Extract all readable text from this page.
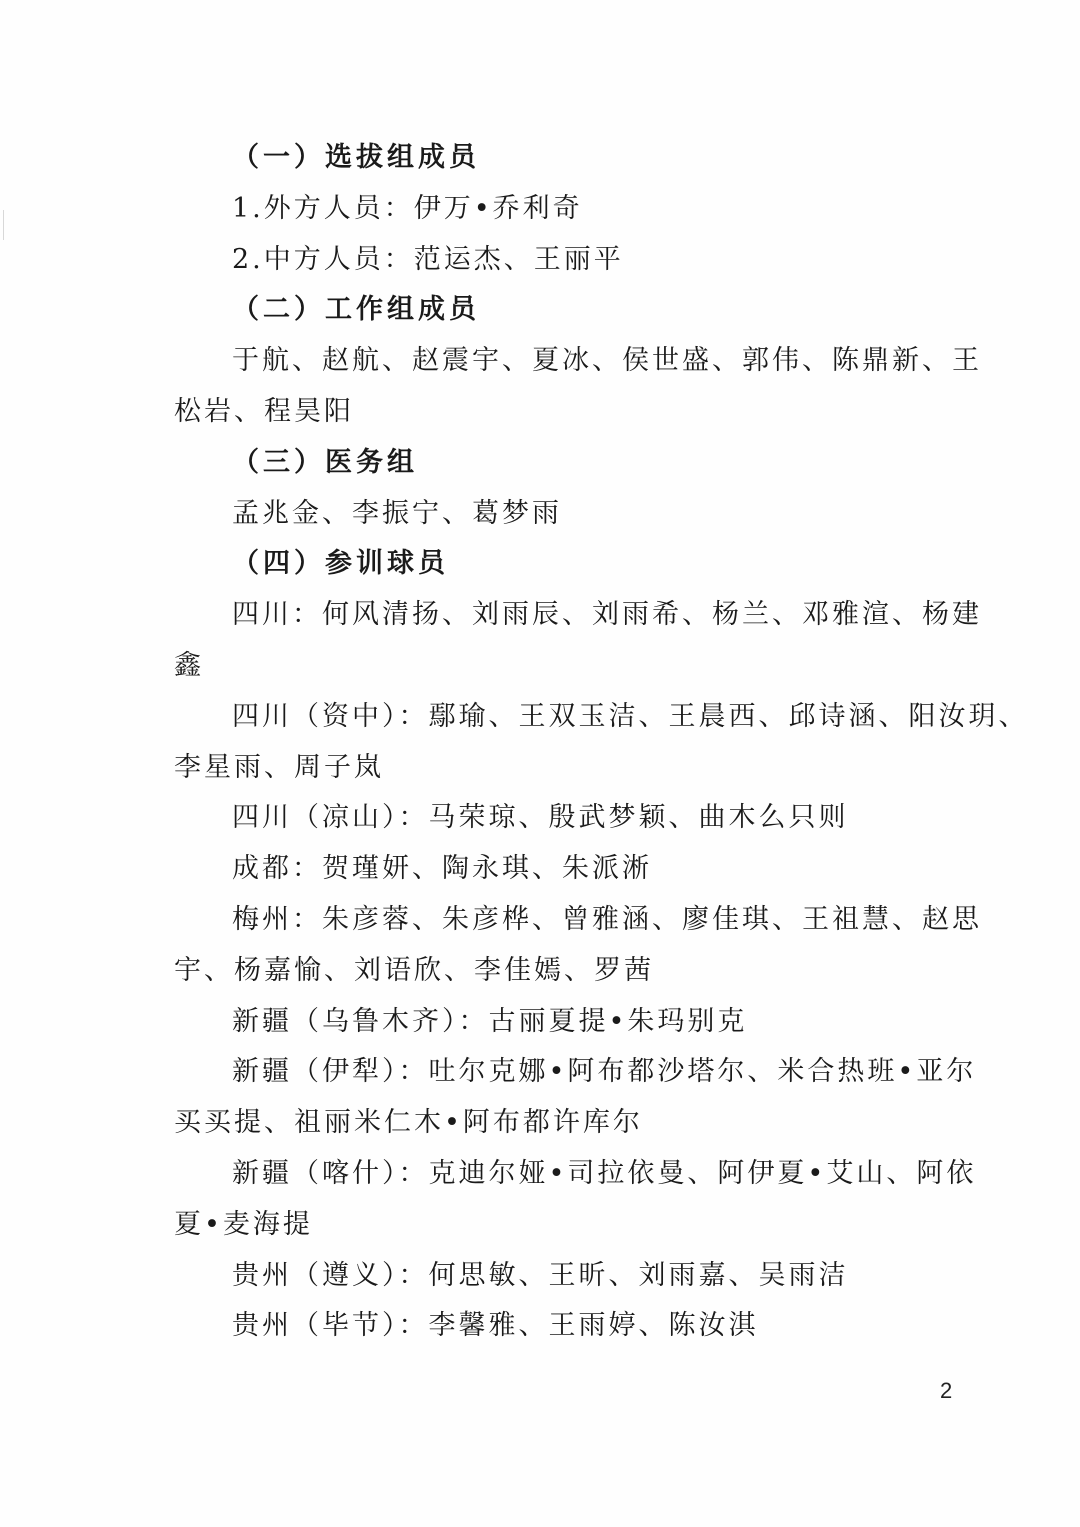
（一）选拔组成员

1.外方人员：伊万•乔利奇

2.中方人员：范运杰、王丽平

（二）工作组成员

于航、赵航、赵震宇、夏冰、侯世盛、郭伟、陈鼎新、王

松岩、程昊阳

（三）医务组

孟兆金、李振宁、葛梦雨

（四）参训球员

四川：何风清扬、刘雨辰、刘雨希、杨兰、邓雅渲、杨建

鑫

四川（资中）：鄢瑜、王双玉洁、王晨西、邱诗涵、阳汝玥、

李星雨、周子岚

四川（凉山）：马荣琼、殷武梦颖、曲木么只则

成都：贺瑾妍、陶永琪、朱派淅

梅州：朱彦蓉、朱彦桦、曾雅涵、廖佳琪、王祖慧、赵思

宇、杨嘉愉、刘语欣、李佳嫣、罗茜

新疆（乌鲁木齐）：古丽夏提•朱玛别克

新疆（伊犁）：吐尔克娜•阿布都沙塔尔、米合热班•亚尔

买买提、祖丽米仁木•阿布都许库尔

新疆（喀什）：克迪尔娅•司拉依曼、阿伊夏•艾山、阿依

夏•麦海提

贵州（遵义）：何思敏、王昕、刘雨嘉、吴雨洁

贵州（毕节）：李馨雅、王雨婷、陈汝淇

2
